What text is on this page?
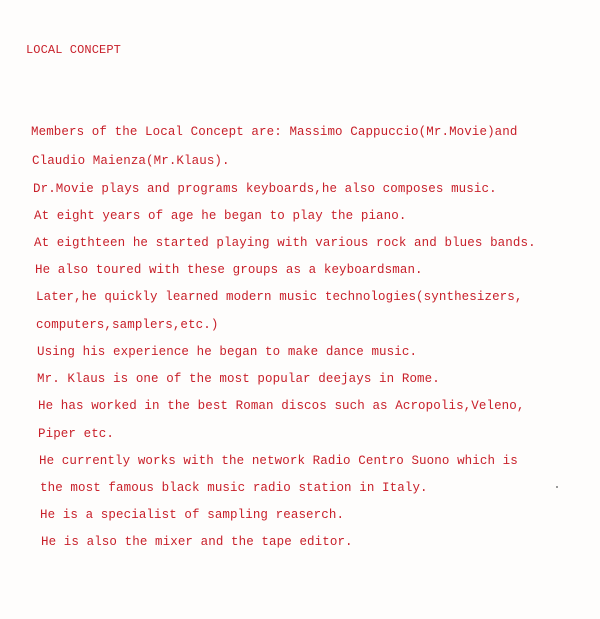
LOCAL CONCEPT
Members of the Local Concept are: Massimo Cappuccio(Mr.Movie)and
Claudio Maienza(Mr.Klaus).
Dr.Movie plays and programs keyboards,he also composes music.
At eight years of age he began to play the piano.
At eigthteen he started playing with various rock and blues bands.
He also toured with these groups as a keyboardsman.
Later,he quickly learned modern music technologies(synthesizers,
computers,samplers,etc.)
Using his experience he began to make dance music.
Mr. Klaus is one of the most popular deejays in Rome.
He has worked in the best Roman discos such as Acropolis,Veleno,
Piper etc.
He currently works with the network Radio Centro Suono which is
the most famous black music radio station in Italy.
He is a specialist of sampling reaserch.
He is also the mixer and the tape editor.
